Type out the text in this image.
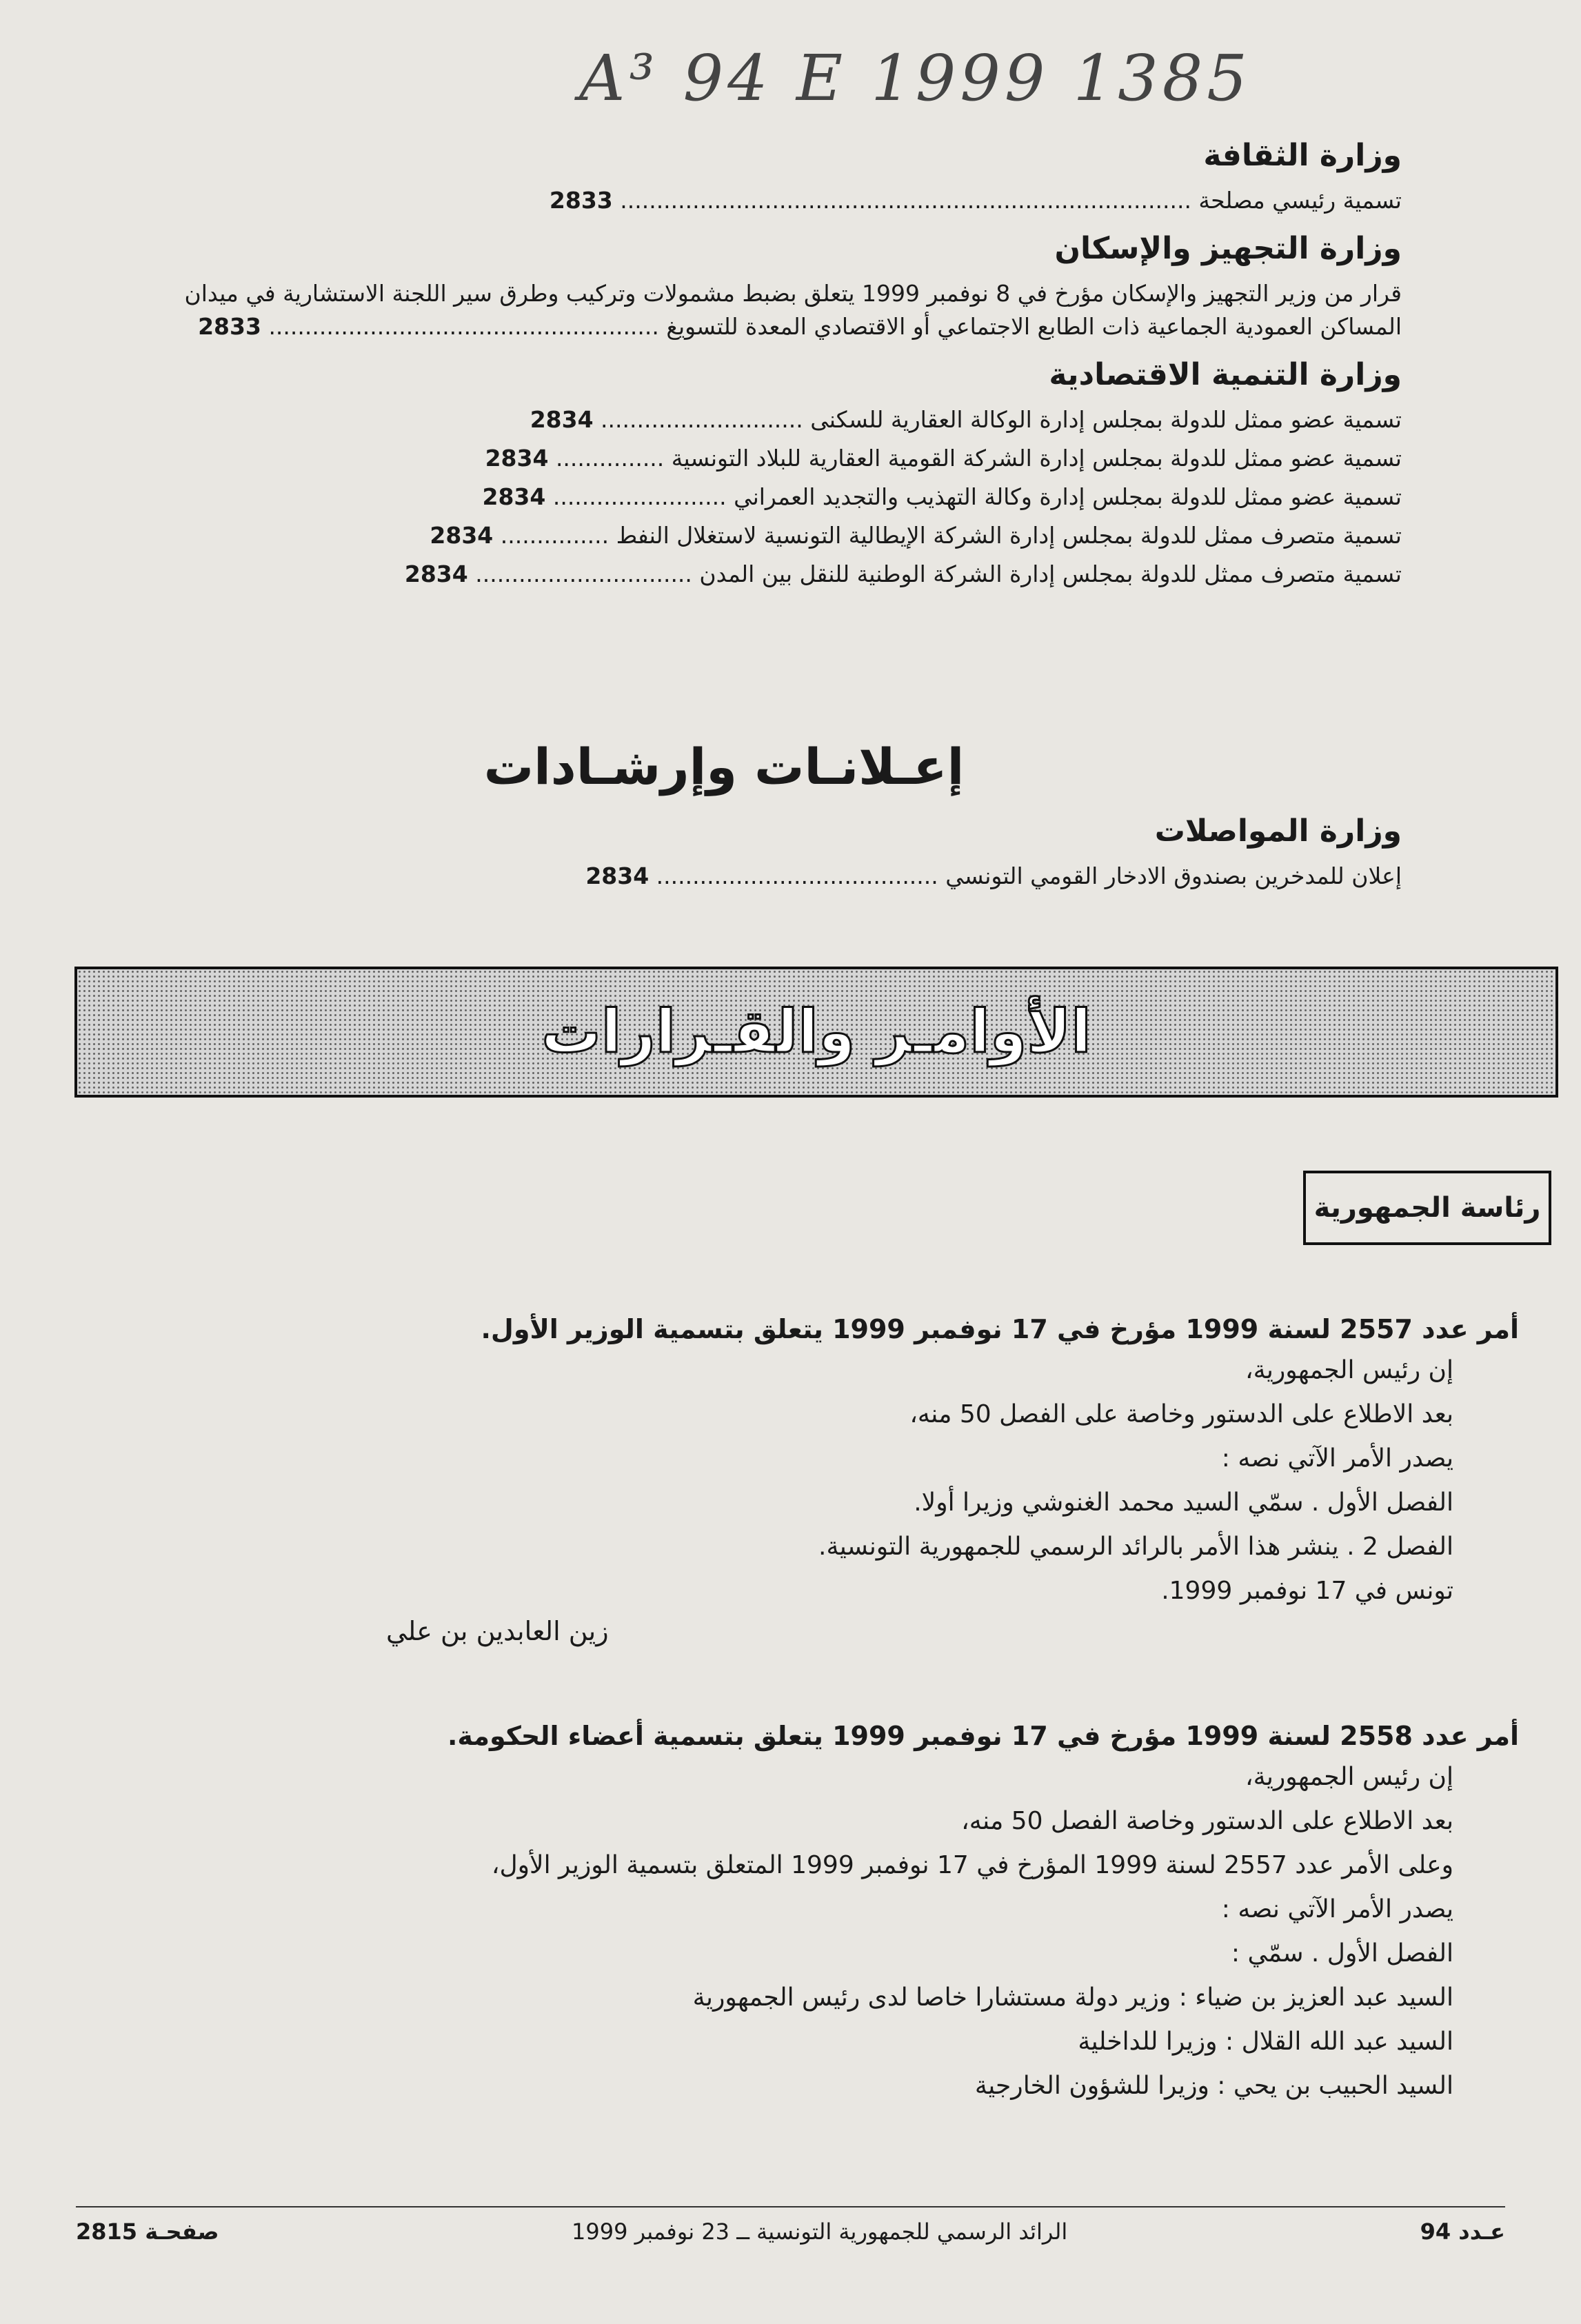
A³ 94 E 1999 1385
وزارة الثقافة
تسمية رئيسي مصلحة ............................................................................... 2833
وزارة التجهيز والإسكان
قرار من وزير التجهيز والإسكان مؤرخ في 8 نوفمبر 1999 يتعلق بضبط مشمولات وتركيب وطرق سير اللجنة الاستشارية في ميدان المساكن العمودية الجماعية ذات الطابع الاجتماعي أو الاقتصادي المعدة للتسويغ ...................................................... 2833
وزارة التنمية الاقتصادية
تسمية عضو ممثل للدولة بمجلس إدارة الوكالة العقارية للسكنى ............................ 2834
تسمية عضو ممثل للدولة بمجلس إدارة الشركة القومية العقارية للبلاد التونسية ............... 2834
تسمية عضو ممثل للدولة بمجلس إدارة وكالة التهذيب والتجديد العمراني ........................ 2834
تسمية متصرف ممثل للدولة بمجلس إدارة الشركة الإيطالية التونسية لاستغلال النفط ............... 2834
تسمية متصرف ممثل للدولة بمجلس إدارة الشركة الوطنية للنقل بين المدن .............................. 2834
إعـلانـات وإرشـادات
وزارة المواصلات
إعلان للمدخرين بصندوق الادخار القومي التونسي ....................................... 2834
الأوامـر والقـرارات
رئاسة الجمهورية
أمر عدد 2557 لسنة 1999 مؤرخ في 17 نوفمبر 1999 يتعلق بتسمية الوزير الأول.
إن رئيس الجمهورية،
بعد الاطلاع على الدستور وخاصة على الفصل 50 منه،
يصدر الأمر الآتي نصه :
الفصل الأول . سمّي السيد محمد الغنوشي وزيرا أولا.
الفصل 2 . ينشر هذا الأمر بالرائد الرسمي للجمهورية التونسية.
تونس في 17 نوفمبر 1999.
زين العابدين بن علي
أمر عدد 2558 لسنة 1999 مؤرخ في 17 نوفمبر 1999 يتعلق بتسمية أعضاء الحكومة.
إن رئيس الجمهورية،
بعد الاطلاع على الدستور وخاصة الفصل 50 منه،
وعلى الأمر عدد 2557 لسنة 1999 المؤرخ في 17 نوفمبر 1999 المتعلق بتسمية الوزير الأول،
يصدر الأمر الآتي نصه :
الفصل الأول . سمّي :
السيد عبد العزيز بن ضياء : وزير دولة مستشارا خاصا لدى رئيس الجمهورية
السيد عبد الله القلال : وزيرا للداخلية
السيد الحبيب بن يحي : وزيرا للشؤون الخارجية
عـدد 94
الرائد الرسمي للجمهورية التونسية ــ 23 نوفمبر 1999
صفحـة 2815
